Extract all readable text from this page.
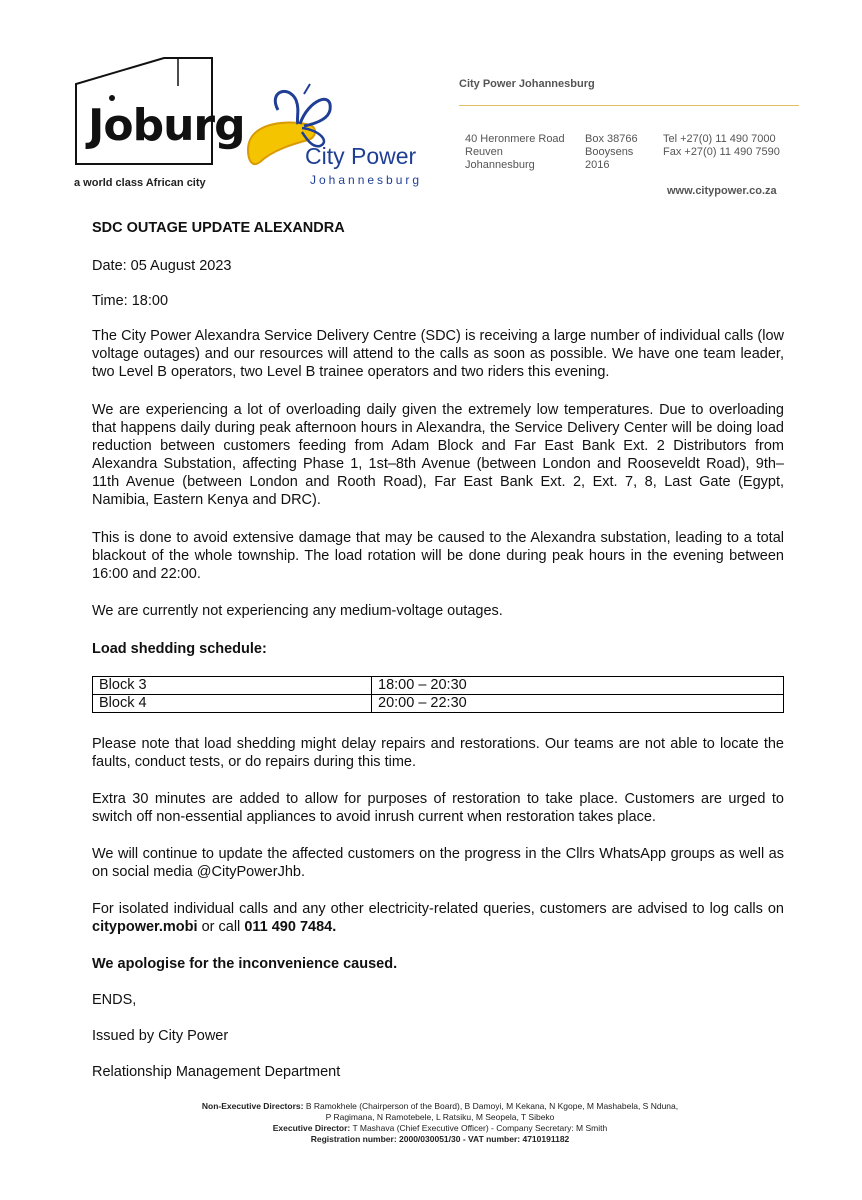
Joburg
a world class African city
City Power
Johannesburg
City Power Johannesburg
40 Heronmere Road
Reuven
Johannesburg
Box 38766
Booysens
2016
Tel +27(0) 11 490 7000
Fax +27(0) 11 490 7590
www.citypower.co.za
SDC OUTAGE UPDATE ALEXANDRA
Date: 05 August 2023
Time: 18:00
The City Power Alexandra Service Delivery Centre (SDC) is receiving a large number of individual calls (low voltage outages) and our resources will attend to the calls as soon as possible. We have one team leader, two Level B operators, two Level B trainee operators and two riders this evening.
We are experiencing a lot of overloading daily given the extremely low temperatures. Due to overloading that happens daily during peak afternoon hours in Alexandra, the Service Delivery Center will be doing load reduction between customers feeding from Adam Block and Far East Bank Ext. 2 Distributors from Alexandra Substation, affecting Phase 1, 1st–8th Avenue (between London and Rooseveldt Road), 9th–11th Avenue (between London and Rooth Road), Far East Bank Ext. 2, Ext. 7, 8, Last Gate (Egypt, Namibia, Eastern Kenya and DRC).
This is done to avoid extensive damage that may be caused to the Alexandra substation, leading to a total blackout of the whole township. The load rotation will be done during peak hours in the evening between 16:00 and 22:00.
We are currently not experiencing any medium-voltage outages.
Load shedding schedule:
Block 3	18:00 – 20:30
Block 4	20:00 – 22:30
Please note that load shedding might delay repairs and restorations. Our teams are not able to locate the faults, conduct tests, or do repairs during this time.
Extra 30 minutes are added to allow for purposes of restoration to take place. Customers are urged to switch off non-essential appliances to avoid inrush current when restoration takes place.
We will continue to update the affected customers on the progress in the Cllrs WhatsApp groups as well as on social media @CityPowerJhb.
For isolated individual calls and any other electricity-related queries, customers are advised to log calls on citypower.mobi or call 011 490 7484.
We apologise for the inconvenience caused.
ENDS,
Issued by City Power
Relationship Management Department
Non-Executive Directors: B Ramokhele (Chairperson of the Board), B Damoyi, M Kekana, N Kgope, M Mashabela, S Nduna,
P Ragimana, N Ramotebele, L Ratsiku, M Seopela, T Sibeko
Executive Director: T Mashava (Chief Executive Officer) - Company Secretary: M Smith
Registration number: 2000/030051/30 - VAT number: 4710191182
